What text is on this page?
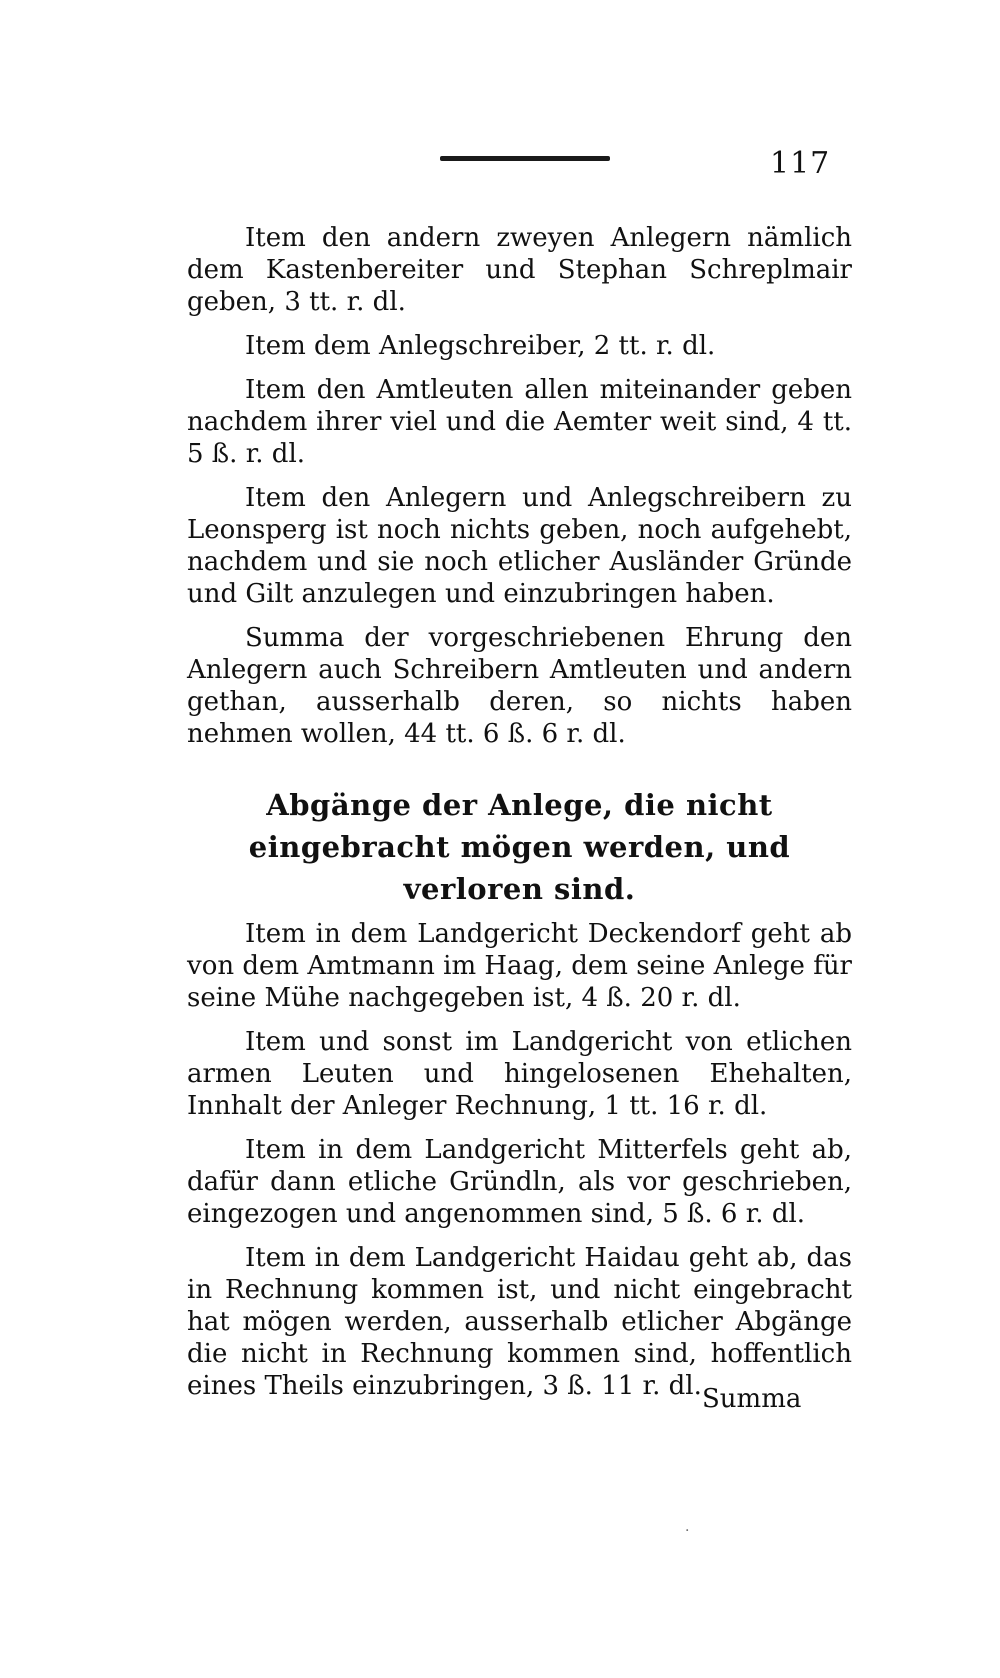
117

Item den andern zweyen Anlegern nämlich dem Kastenbereiter und Stephan Schreplmair geben, 3 tt. r. dl.

Item dem Anlegschreiber, 2 tt. r. dl.

Item den Amtleuten allen miteinander geben nachdem ihrer viel und die Aemter weit sind, 4 tt. 5 ß. r. dl.

Item den Anlegern und Anlegschreibern zu Leonsperg ist noch nichts geben, noch aufgehebt, nachdem und sie noch etlicher Ausländer Gründe und Gilt anzulegen und einzubringen haben.

Summa der vorgeschriebenen Ehrung den Anlegern auch Schreibern Amtleuten und andern gethan, ausserhalb deren, so nichts haben nehmen wollen, 44 tt. 6 ß. 6 r. dl.

Abgänge der Anlege, die nicht eingebracht mögen werden, und verloren sind.

Item in dem Landgericht Deckendorf geht ab von dem Amtmann im Haag, dem seine Anlege für seine Mühe nachgegeben ist, 4 ß. 20 r. dl.

Item und sonst im Landgericht von etlichen armen Leuten und hingelosenen Ehehalten, Innhalt der Anleger Rechnung, 1 tt. 16 r. dl.

Item in dem Landgericht Mitterfels geht ab, dafür dann etliche Gründln, als vor geschrieben, eingezogen und angenommen sind, 5 ß. 6 r. dl.

Item in dem Landgericht Haidau geht ab, das in Rechnung kommen ist, und nicht eingebracht hat mögen werden, ausserhalb etlicher Abgänge die nicht in Rechnung kommen sind, hoffentlich eines Theils einzubringen, 3 ß. 11 r. dl. Summa
·
